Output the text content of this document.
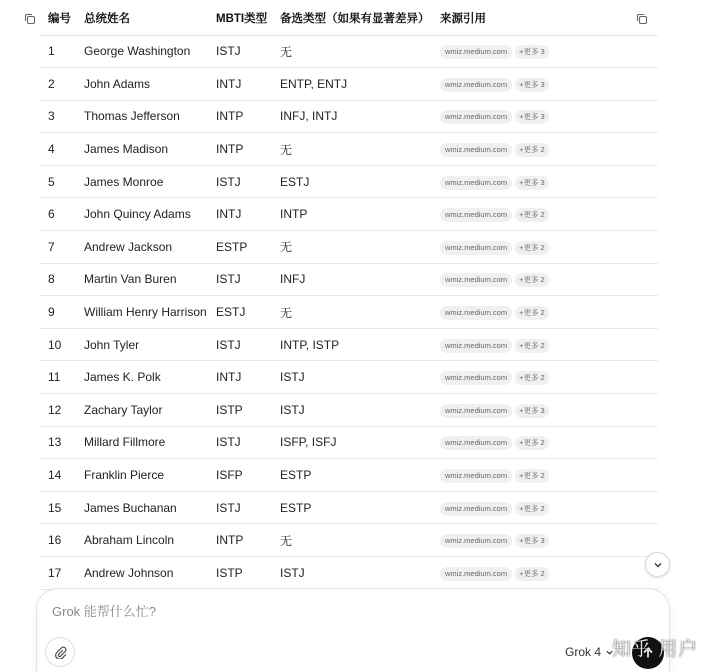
编号	总统姓名	MBTI类型	备选类型（如果有显著差异）	来源引用
1	George Washington	ISTJ	无	wmiz.medium.com +更多 3
2	John Adams	INTJ	ENTP, ENTJ	wmiz.medium.com +更多 3
3	Thomas Jefferson	INTP	INFJ, INTJ	wmiz.medium.com +更多 3
4	James Madison	INTP	无	wmiz.medium.com +更多 2
5	James Monroe	ISTJ	ESTJ	wmiz.medium.com +更多 3
6	John Quincy Adams	INTJ	INTP	wmiz.medium.com +更多 2
7	Andrew Jackson	ESTP	无	wmiz.medium.com +更多 2
8	Martin Van Buren	ISTJ	INFJ	wmiz.medium.com +更多 2
9	William Henry Harrison	ESTJ	无	wmiz.medium.com +更多 2
10	John Tyler	ISTJ	INTP, ISTP	wmiz.medium.com +更多 2
11	James K. Polk	INTJ	ISTJ	wmiz.medium.com +更多 2
12	Zachary Taylor	ISTP	ISTJ	wmiz.medium.com +更多 3
13	Millard Fillmore	ISTJ	ISFP, ISFJ	wmiz.medium.com +更多 2
14	Franklin Pierce	ISFP	ESTP	wmiz.medium.com +更多 2
15	James Buchanan	ISTJ	ESTP	wmiz.medium.com +更多 2
16	Abraham Lincoln	INTP	无	wmiz.medium.com +更多 3
17	Andrew Johnson	ISTP	ISTJ	wmiz.medium.com +更多 2
Grok 能帮什么忙?
Grok 4 知乎 用户
